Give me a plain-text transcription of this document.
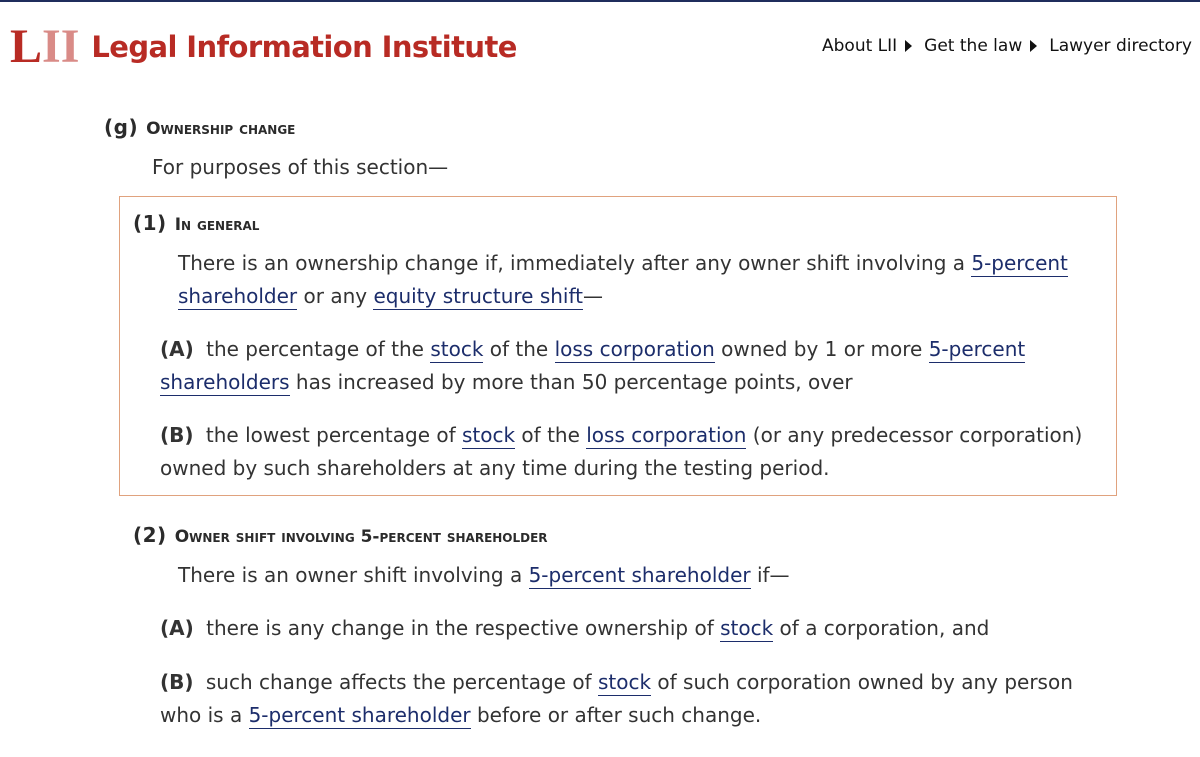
L I I Legal Information Institute	About LII Get the law Lawyer directory
(g) Ownership change
For purposes of this section—
(1) In general
There is an ownership change if, immediately after any owner shift involving a 5-percent shareholder or any equity structure shift—
(A) the percentage of the stock of the loss corporation owned by 1 or more 5-percent shareholders has increased by more than 50 percentage points, over
(B) the lowest percentage of stock of the loss corporation (or any predecessor corporation) owned by such shareholders at any time during the testing period.
(2) Owner shift involving 5-percent shareholder
There is an owner shift involving a 5-percent shareholder if—
(A) there is any change in the respective ownership of stock of a corporation, and
(B) such change affects the percentage of stock of such corporation owned by any person who is a 5-percent shareholder before or after such change.
